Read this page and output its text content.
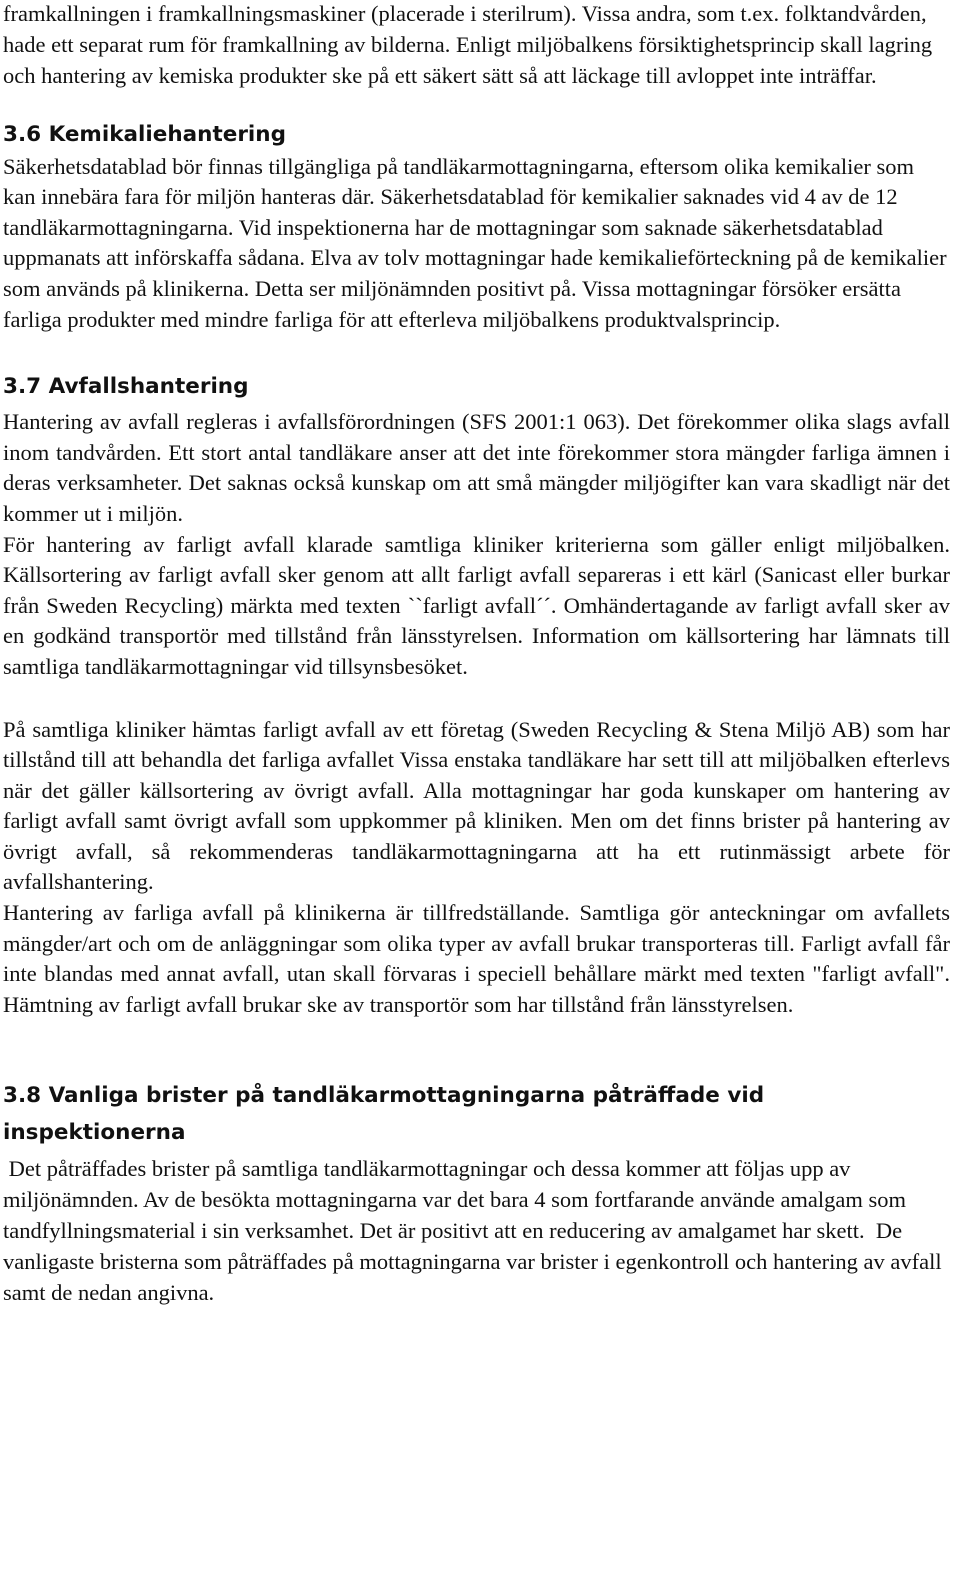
framkallningen i framkallningsmaskiner (placerade i sterilrum). Vissa andra, som t.ex. folktandvården, hade ett separat rum för framkallning av bilderna. Enligt miljöbalkens försiktighetsprincip skall lagring och hantering av kemiska produkter ske på ett säkert sätt så att läckage till avloppet inte inträffar.

3.6 Kemikaliehantering

Säkerhetsdatablad bör finnas tillgängliga på tandläkarmottagningarna, eftersom olika kemikalier som kan innebära fara för miljön hanteras där. Säkerhetsdatablad för kemikalier saknades vid 4 av de 12 tandläkarmottagningarna. Vid inspektionerna har de mottagningar som saknade säkerhetsdatablad uppmanats att införskaffa sådana. Elva av tolv mottagningar hade kemikalieförteckning på de kemikalier som används på klinikerna. Detta ser miljönämnden positivt på. Vissa mottagningar försöker ersätta farliga produkter med mindre farliga för att efterleva miljöbalkens produktvalsprincip.

3.7 Avfallshantering

Hantering av avfall regleras i avfallsförordningen (SFS 2001:1 063). Det förekommer olika slags avfall inom tandvården. Ett stort antal tandläkare anser att det inte förekommer stora mängder farliga ämnen i deras verksamheter. Det saknas också kunskap om att små mängder miljögifter kan vara skadligt när det kommer ut i miljön.

För hantering av farligt avfall klarade samtliga kliniker kriterierna som gäller enligt miljöbalken. Källsortering av farligt avfall sker genom att allt farligt avfall separeras i ett kärl (Sanicast eller burkar från Sweden Recycling) märkta med texten ``farligt avfall´´. Omhändertagande av farligt avfall sker av en godkänd transportör med tillstånd från länsstyrelsen. Information om källsortering har lämnats till samtliga tandläkarmottagningar vid tillsynsbesöket.

På samtliga kliniker hämtas farligt avfall av ett företag (Sweden Recycling & Stena Miljö AB) som har tillstånd till att behandla det farliga avfallet Vissa enstaka tandläkare har sett till att miljöbalken efterlevs när det gäller källsortering av övrigt avfall. Alla mottagningar har goda kunskaper om hantering av farligt avfall samt övrigt avfall som uppkommer på kliniken. Men om det finns brister på hantering av övrigt avfall, så rekommenderas tandläkarmottagningarna att ha ett rutinmässigt arbete för avfallshantering.

Hantering av farliga avfall på klinikerna är tillfredställande. Samtliga gör anteckningar om avfallets mängder/art och om de anläggningar som olika typer av avfall brukar transporteras till. Farligt avfall får inte blandas med annat avfall, utan skall förvaras i speciell behållare märkt med texten "farligt avfall". Hämtning av farligt avfall brukar ske av transportör som har tillstånd från länsstyrelsen.

3.8 Vanliga brister på tandläkarmottagningarna påträffade vid inspektionerna

Det påträffades brister på samtliga tandläkarmottagningar och dessa kommer att följas upp av miljönämnden. Av de besökta mottagningarna var det bara 4 som fortfarande använde amalgam som tandfyllningsmaterial i sin verksamhet. Det är positivt att en reducering av amalgamet har skett.  De vanligaste bristerna som påträffades på mottagningarna var brister i egenkontroll och hantering av avfall samt de nedan angivna.
